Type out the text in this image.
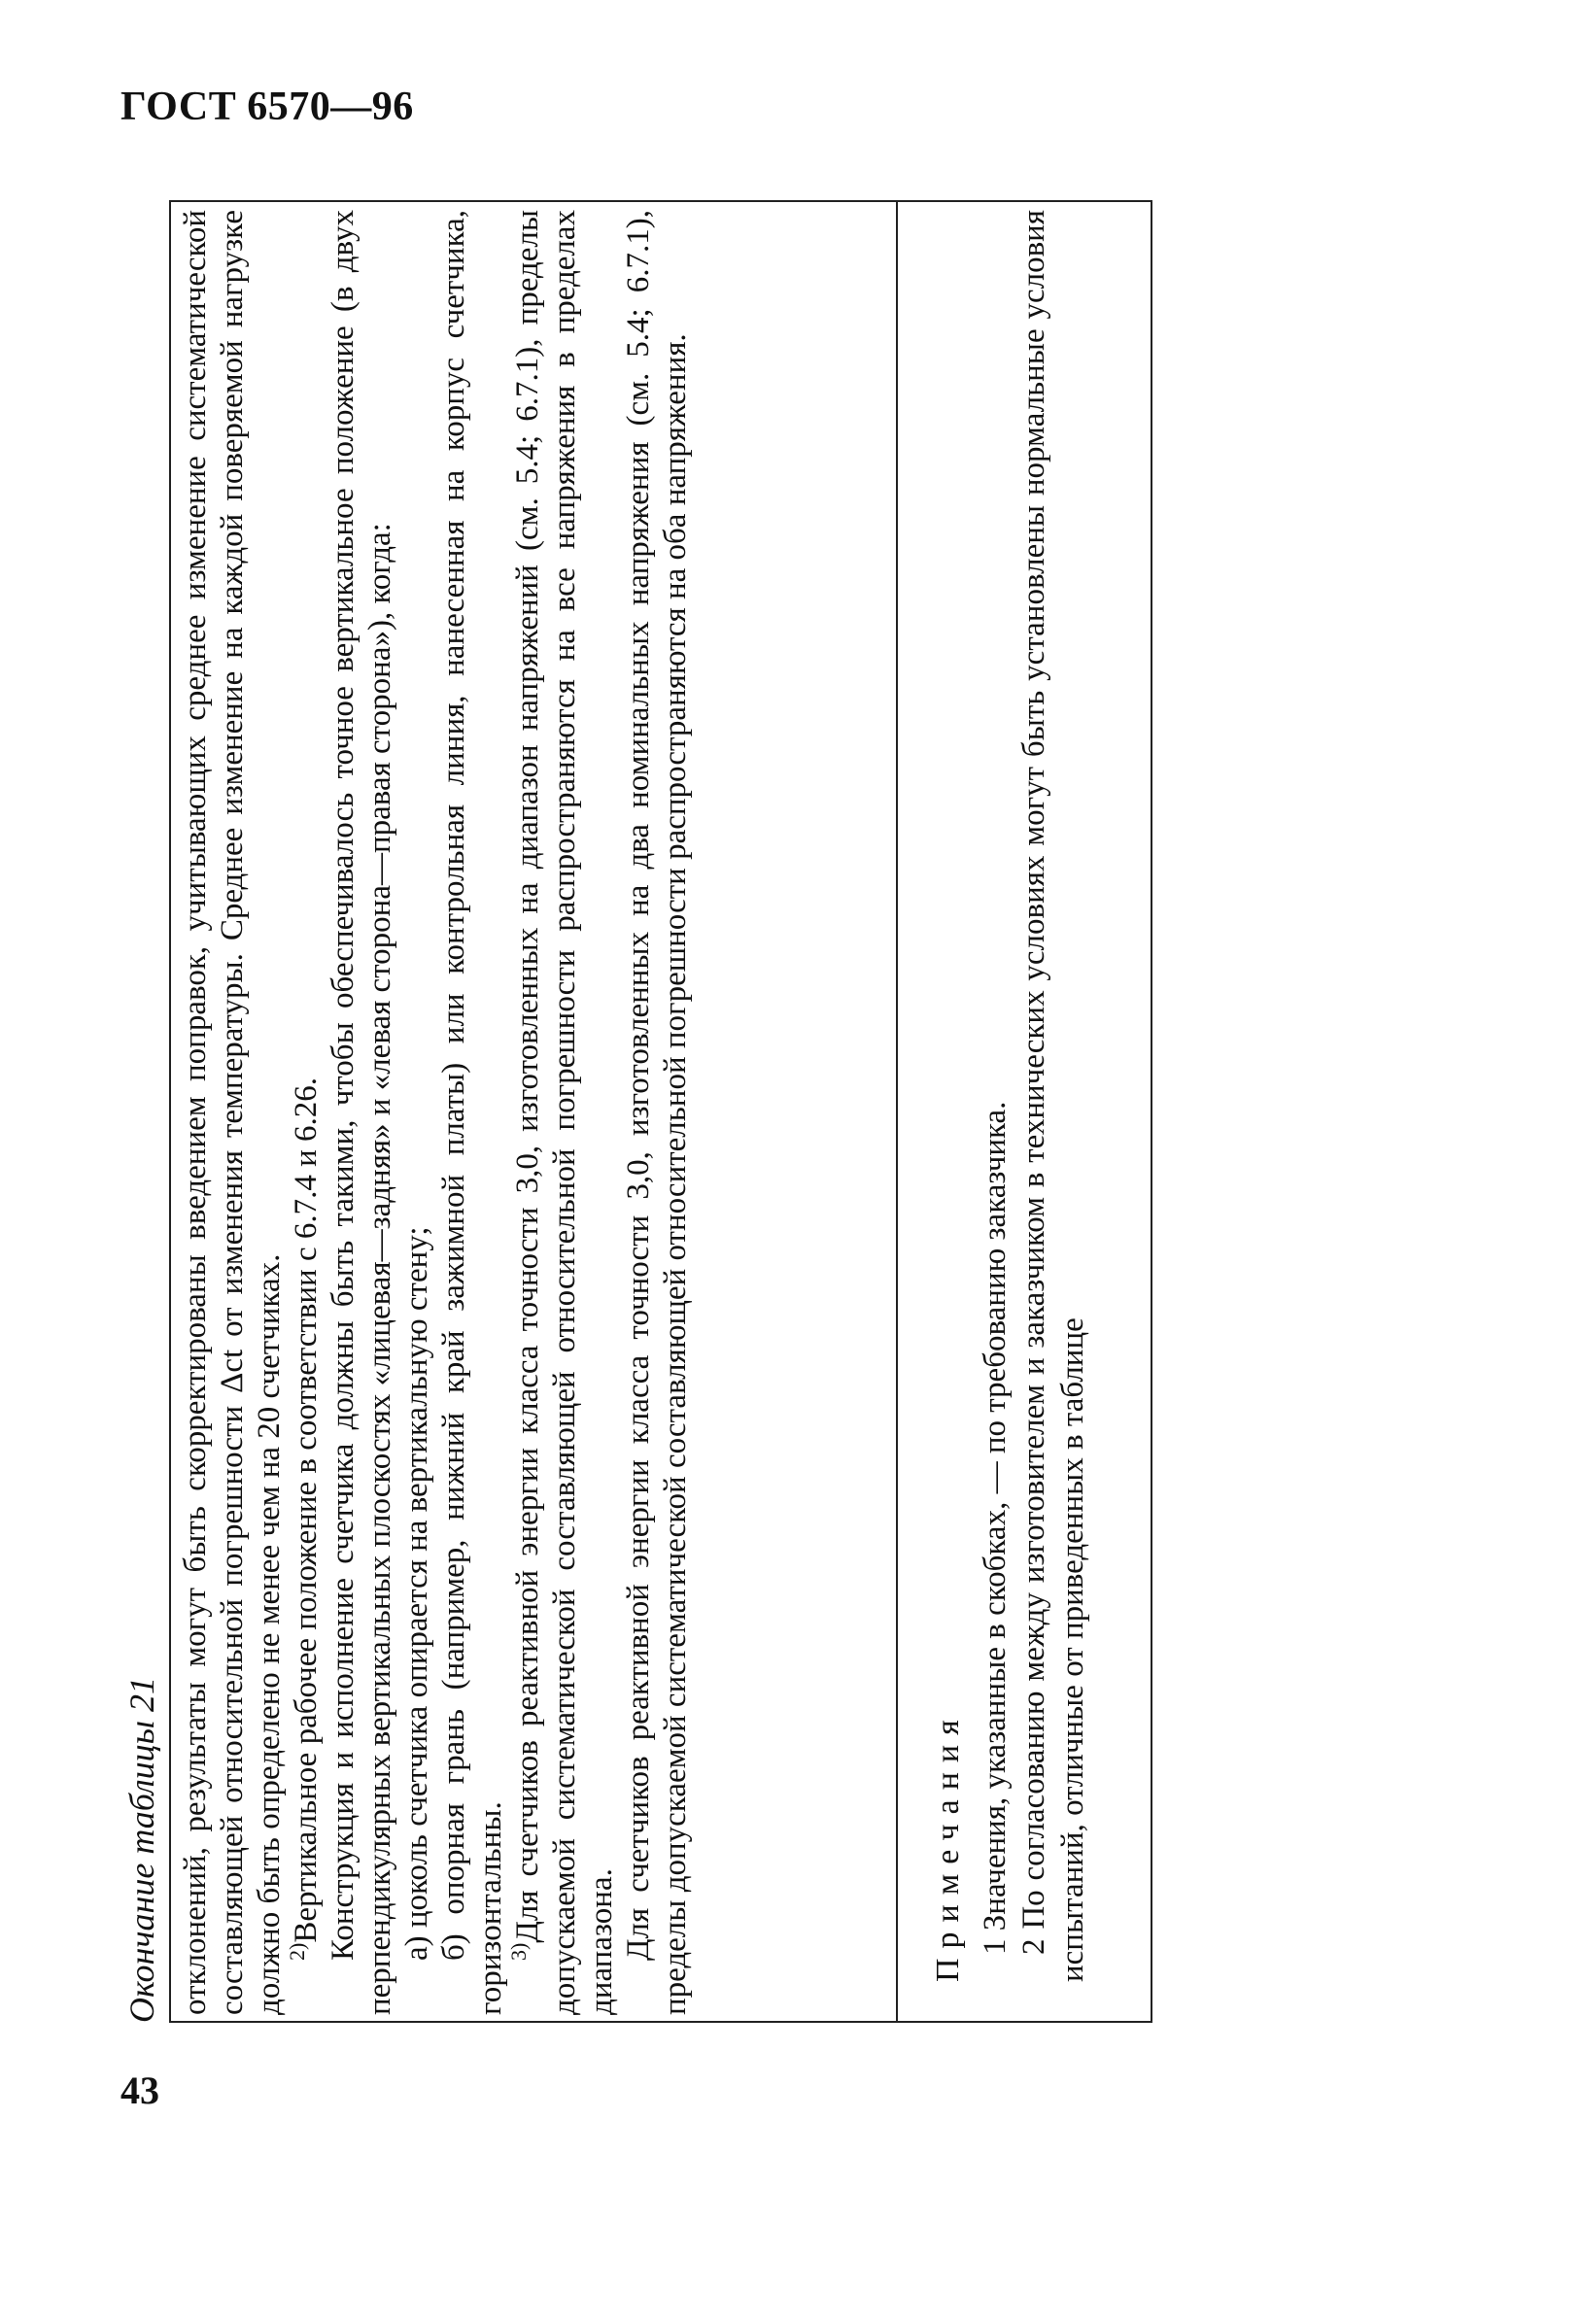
ГОСТ 6570—96
Окончание таблицы 21 отклонений, результаты могут быть скорректированы введением поправок, учитывающих среднее изменение систематической составляющей относительной погрешности Δct от изменения температуры. Среднее изменение на каждой поверяемой нагрузке должно быть определено не менее чем на 20 счетчиках.

$^{2)}$Вертикальное рабочее положение в соответствии с 6.7.4 и 6.26. Конструкция и исполнение счетчика должны быть такими, чтобы обеспечивалось точное вертикальное положение (в двух перпендикулярных вертикальных плоскостях «лицевая—задняя» и «левая сторона—правая сторона»), когда: а) цоколь счетчика опирается на вертикальную стену; б) опорная грань (например, нижний край зажимной платы) или контрольная линия, нанесенная на корпус счетчика, горизонтальны.

$^{3)}$Для счетчиков реактивной энергии класса точности 3,0, изготовленных на диапазон напряжений (см. 5.4; 6.7.1), пределы допускаемой систематической составляющей относительной погрешности распространяются на все напряжения в пределах диапазона. Для счетчиков реактивной энергии класса точности 3,0, изготовленных на два номинальных напряжения (см. 5.4; 6.7.1), пределы допускаемой систематической составляющей относительной погрешности распространяются на оба напряжения.	Примечания 1 Значения, указанные в скобках, — по требованию заказчика. 2 По согласованию между изготовителем и заказчиком в технических условиях могут быть установлены нормальные условия испытаний, отличные от приведенных в таблице

43
